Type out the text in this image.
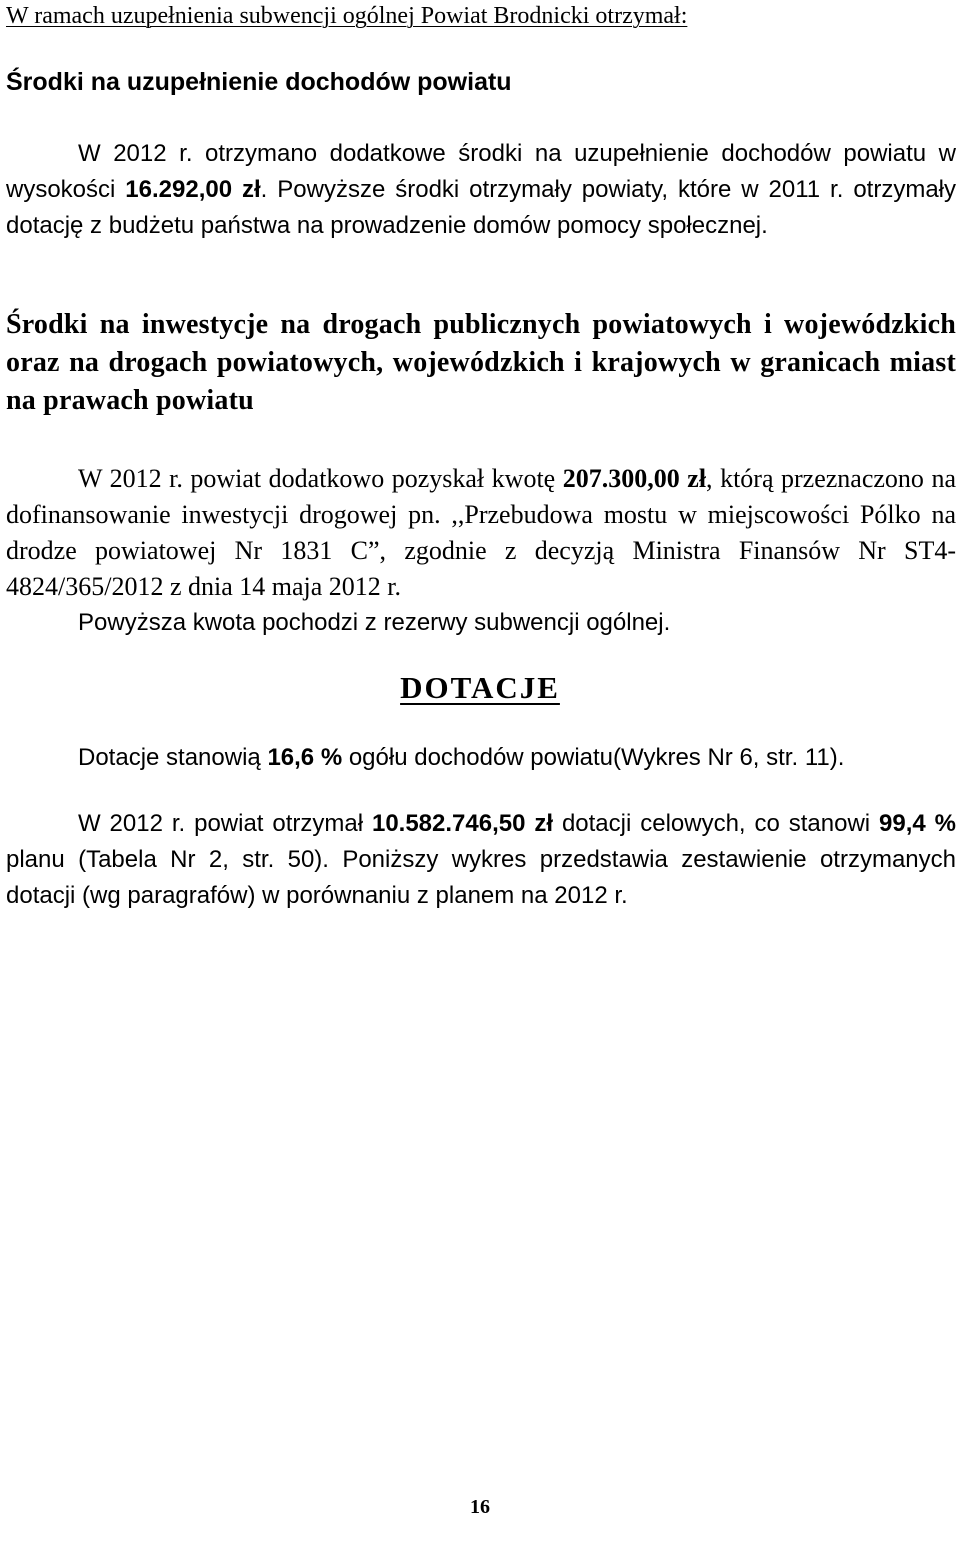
W ramach uzupełnienia subwencji ogólnej Powiat Brodnicki otrzymał:
Środki na uzupełnienie dochodów powiatu
W 2012 r. otrzymano dodatkowe środki na uzupełnienie dochodów powiatu w wysokości 16.292,00 zł. Powyższe środki otrzymały powiaty, które w 2011 r. otrzymały dotację z budżetu państwa na prowadzenie domów pomocy społecznej.
Środki na inwestycje na drogach publicznych powiatowych i wojewódzkich oraz na drogach powiatowych, wojewódzkich i krajowych w granicach miast na prawach powiatu
W 2012 r. powiat dodatkowo pozyskał kwotę 207.300,00 zł, którą przeznaczono na dofinansowanie inwestycji drogowej pn. ,,Przebudowa mostu w miejscowości Pólko na drodze powiatowej Nr 1831 C”, zgodnie z decyzją Ministra Finansów Nr ST4-4824/365/2012 z dnia 14 maja 2012 r.
Powyższa kwota pochodzi z rezerwy subwencji ogólnej.
DOTACJE
Dotacje stanowią 16,6 % ogółu dochodów powiatu(Wykres Nr 6, str. 11).
W 2012 r. powiat otrzymał 10.582.746,50 zł dotacji celowych, co stanowi 99,4 % planu (Tabela Nr 2, str. 50). Poniższy wykres przedstawia zestawienie otrzymanych dotacji (wg paragrafów) w porównaniu z planem na 2012 r.
16
